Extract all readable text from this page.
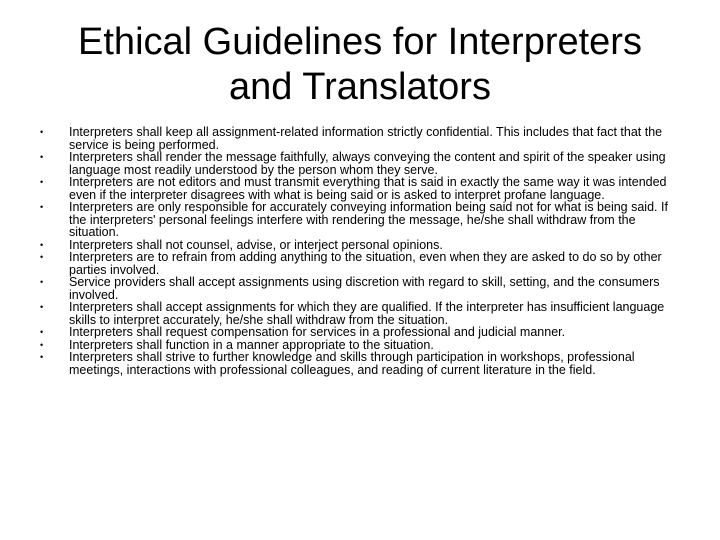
Ethical Guidelines for Interpreters
and Translators
• Interpreters shall keep all assignment-related information strictly confidential. This includes that fact that the service is being performed.
• Interpreters shall render the message faithfully, always conveying the content and spirit of the speaker using language most readily understood by the person whom they serve.
• Interpreters are not editors and must transmit everything that is said in exactly the same way it was intended even if the interpreter disagrees with what is being said or is asked to interpret profane language.
• Interpreters are only responsible for accurately conveying information being said not for what is being said. If the interpreters' personal feelings interfere with rendering the message, he/she shall withdraw from the situation.
• Interpreters shall not counsel, advise, or interject personal opinions.
• Interpreters are to refrain from adding anything to the situation, even when they are asked to do so by other parties involved.
• Service providers shall accept assignments using discretion with regard to skill, setting, and the consumers involved.
• Interpreters shall accept assignments for which they are qualified. If the interpreter has insufficient language skills to interpret accurately, he/she shall withdraw from the situation.
• Interpreters shall request compensation for services in a professional and judicial manner.
• Interpreters shall function in a manner appropriate to the situation.
• Interpreters shall strive to further knowledge and skills through participation in workshops, professional meetings, interactions with professional colleagues, and reading of current literature in the field.
